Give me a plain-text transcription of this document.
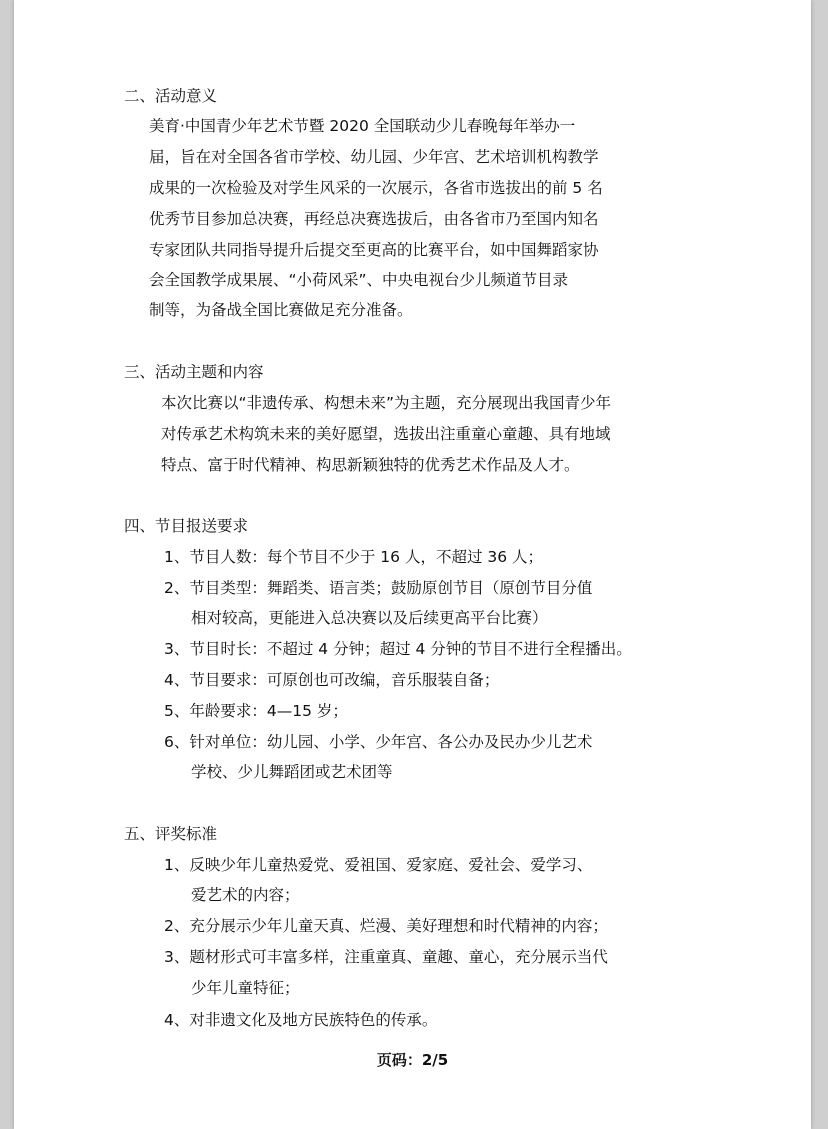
二、活动意义
美育·中国青少年艺术节暨 2020 全国联动少儿春晚每年举办一
届，旨在对全国各省市学校、幼儿园、少年宫、艺术培训机构教学
成果的一次检验及对学生风采的一次展示，各省市选拔出的前 5 名
优秀节目参加总决赛，再经总决赛选拔后，由各省市乃至国内知名
专家团队共同指导提升后提交至更高的比赛平台，如中国舞蹈家协
会全国教学成果展、“小荷风采”、中央电视台少儿频道节目录
制等，为备战全国比赛做足充分准备。
三、活动主题和内容
本次比赛以“非遗传承、构想未来”为主题，充分展现出我国青少年
对传承艺术构筑未来的美好愿望，选拔出注重童心童趣、具有地域
特点、富于时代精神、构思新颖独特的优秀艺术作品及人才。
四、节目报送要求
1、节目人数：每个节目不少于 16 人，不超过 36 人；
2、节目类型：舞蹈类、语言类；鼓励原创节目（原创节目分值
相对较高，更能进入总决赛以及后续更高平台比赛）
3、节目时长：不超过 4 分钟；超过 4 分钟的节目不进行全程播出。
4、节目要求：可原创也可改编，音乐服装自备；
5、年龄要求：4—15 岁；
6、针对单位：幼儿园、小学、少年宫、各公办及民办少儿艺术
学校、少儿舞蹈团或艺术团等
五、评奖标准
1、反映少年儿童热爱党、爱祖国、爱家庭、爱社会、爱学习、
爱艺术的内容；
2、充分展示少年儿童天真、烂漫、美好理想和时代精神的内容；
3、题材形式可丰富多样，注重童真、童趣、童心，充分展示当代
少年儿童特征；
4、对非遗文化及地方民族特色的传承。
页码：2/5
